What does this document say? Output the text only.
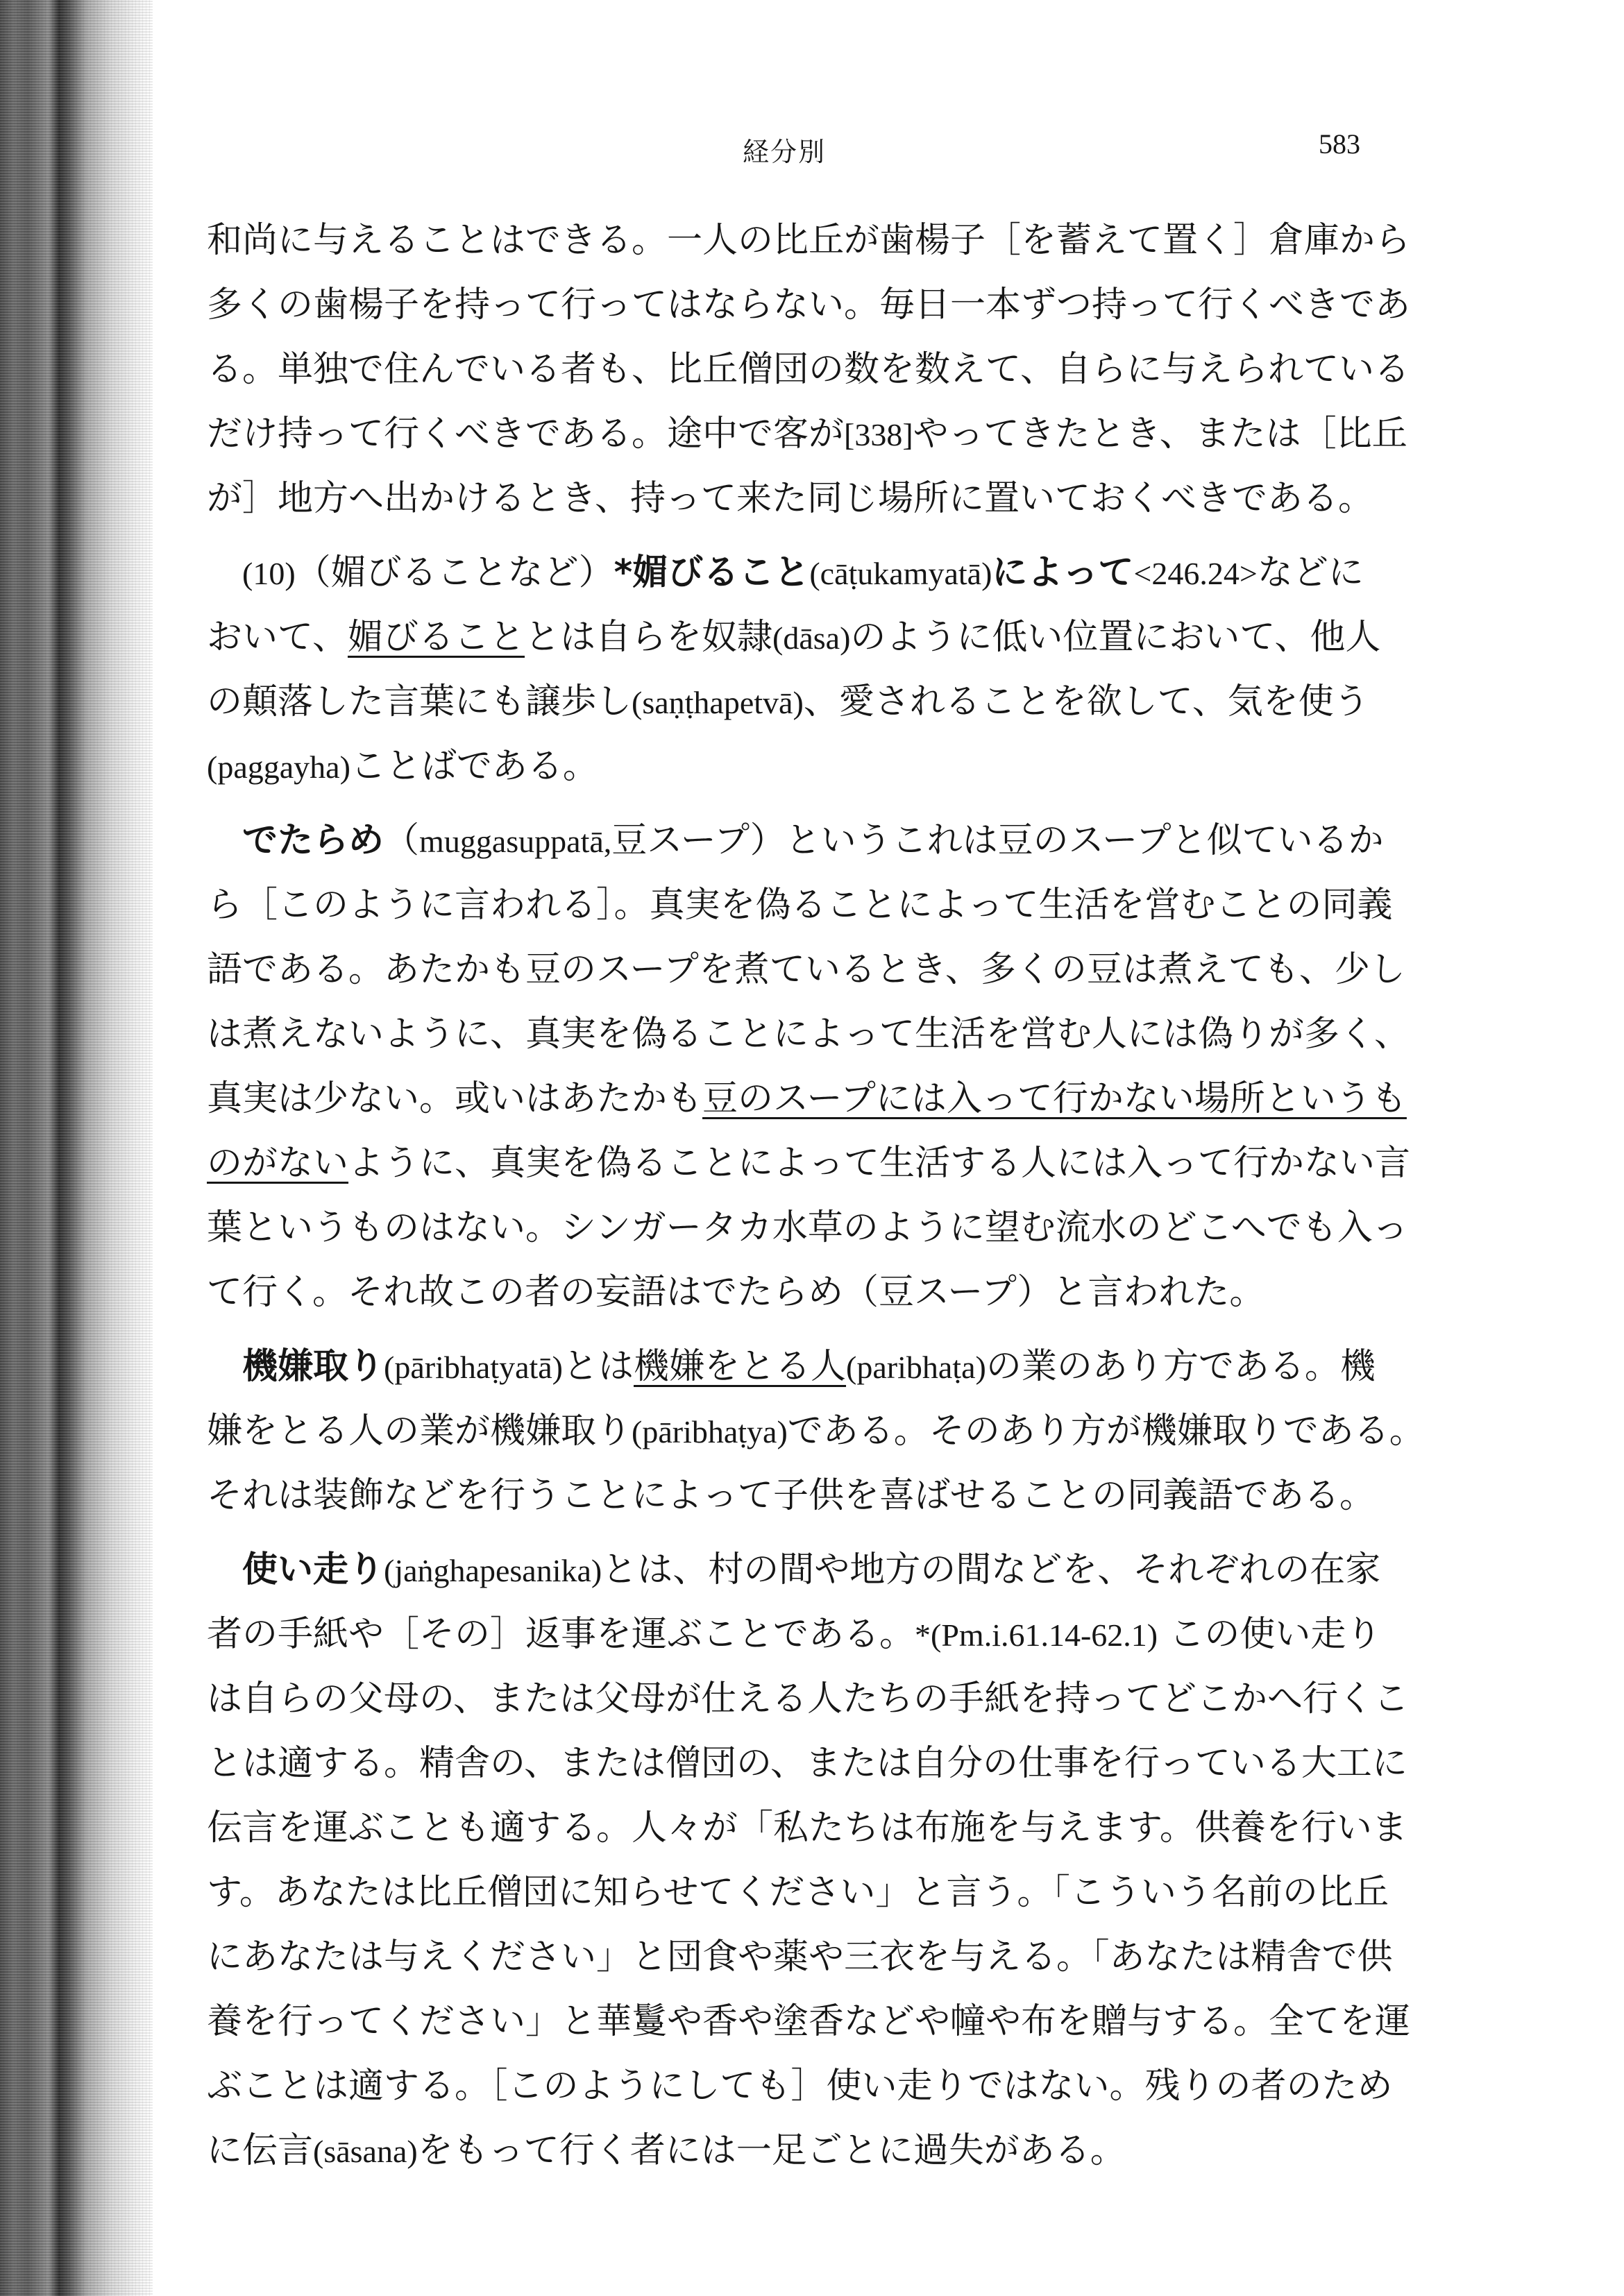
経分別	583
和尚に与えることはできる。一人の比丘が歯楊子［を蓄えて置く］倉庫から
多くの歯楊子を持って行ってはならない。毎日一本ずつ持って行くべきであ
る。単独で住んでいる者も、比丘僧団の数を数えて、自らに与えられている
だけ持って行くべきである。途中で客が[338]やってきたとき、または［比丘
が］地方へ出かけるとき、持って来た同じ場所に置いておくべきである。
　(10)（媚びることなど）*媚びること(cāṭukamyatā)によって<246.24>などに
おいて、媚びることとは自らを奴隷(dāsa)のように低い位置において、他人
の顛落した言葉にも譲歩し(saṇṭhapetvā)、愛されることを欲して、気を使う
(paggayha)ことばである。
　でたらめ（muggasuppatā,豆スープ）というこれは豆のスープと似ているか
ら［このように言われる］。真実を偽ることによって生活を営むことの同義
語である。あたかも豆のスープを煮ているとき、多くの豆は煮えても、少し
は煮えないように、真実を偽ることによって生活を営む人には偽りが多く、
真実は少ない。或いはあたかも豆のスープには入って行かない場所というも
のがないように、真実を偽ることによって生活する人には入って行かない言
葉というものはない。シンガータカ水草のように望む流水のどこへでも入っ
て行く。それ故この者の妄語はでたらめ（豆スープ）と言われた。
　機嫌取り(pāribhaṭyatā)とは機嫌をとる人(paribhaṭa)の業のあり方である。機
嫌をとる人の業が機嫌取り(pāribhaṭya)である。そのあり方が機嫌取りである。
それは装飾などを行うことによって子供を喜ばせることの同義語である。
　使い走り(jaṅghapesanika)とは、村の間や地方の間などを、それぞれの在家
者の手紙や［その］返事を運ぶことである。*(Pm.i.61.14-62.1) この使い走り
は自らの父母の、または父母が仕える人たちの手紙を持ってどこかへ行くこ
とは適する。精舎の、または僧団の、または自分の仕事を行っている大工に
伝言を運ぶことも適する。人々が「私たちは布施を与えます。供養を行いま
す。あなたは比丘僧団に知らせてください」と言う。「こういう名前の比丘
にあなたは与えください」と団食や薬や三衣を与える。「あなたは精舎で供
養を行ってください」と華鬘や香や塗香などや幢や布を贈与する。全てを運
ぶことは適する。［このようにしても］使い走りではない。残りの者のため
に伝言(sāsana)をもって行く者には一足ごとに過失がある。
